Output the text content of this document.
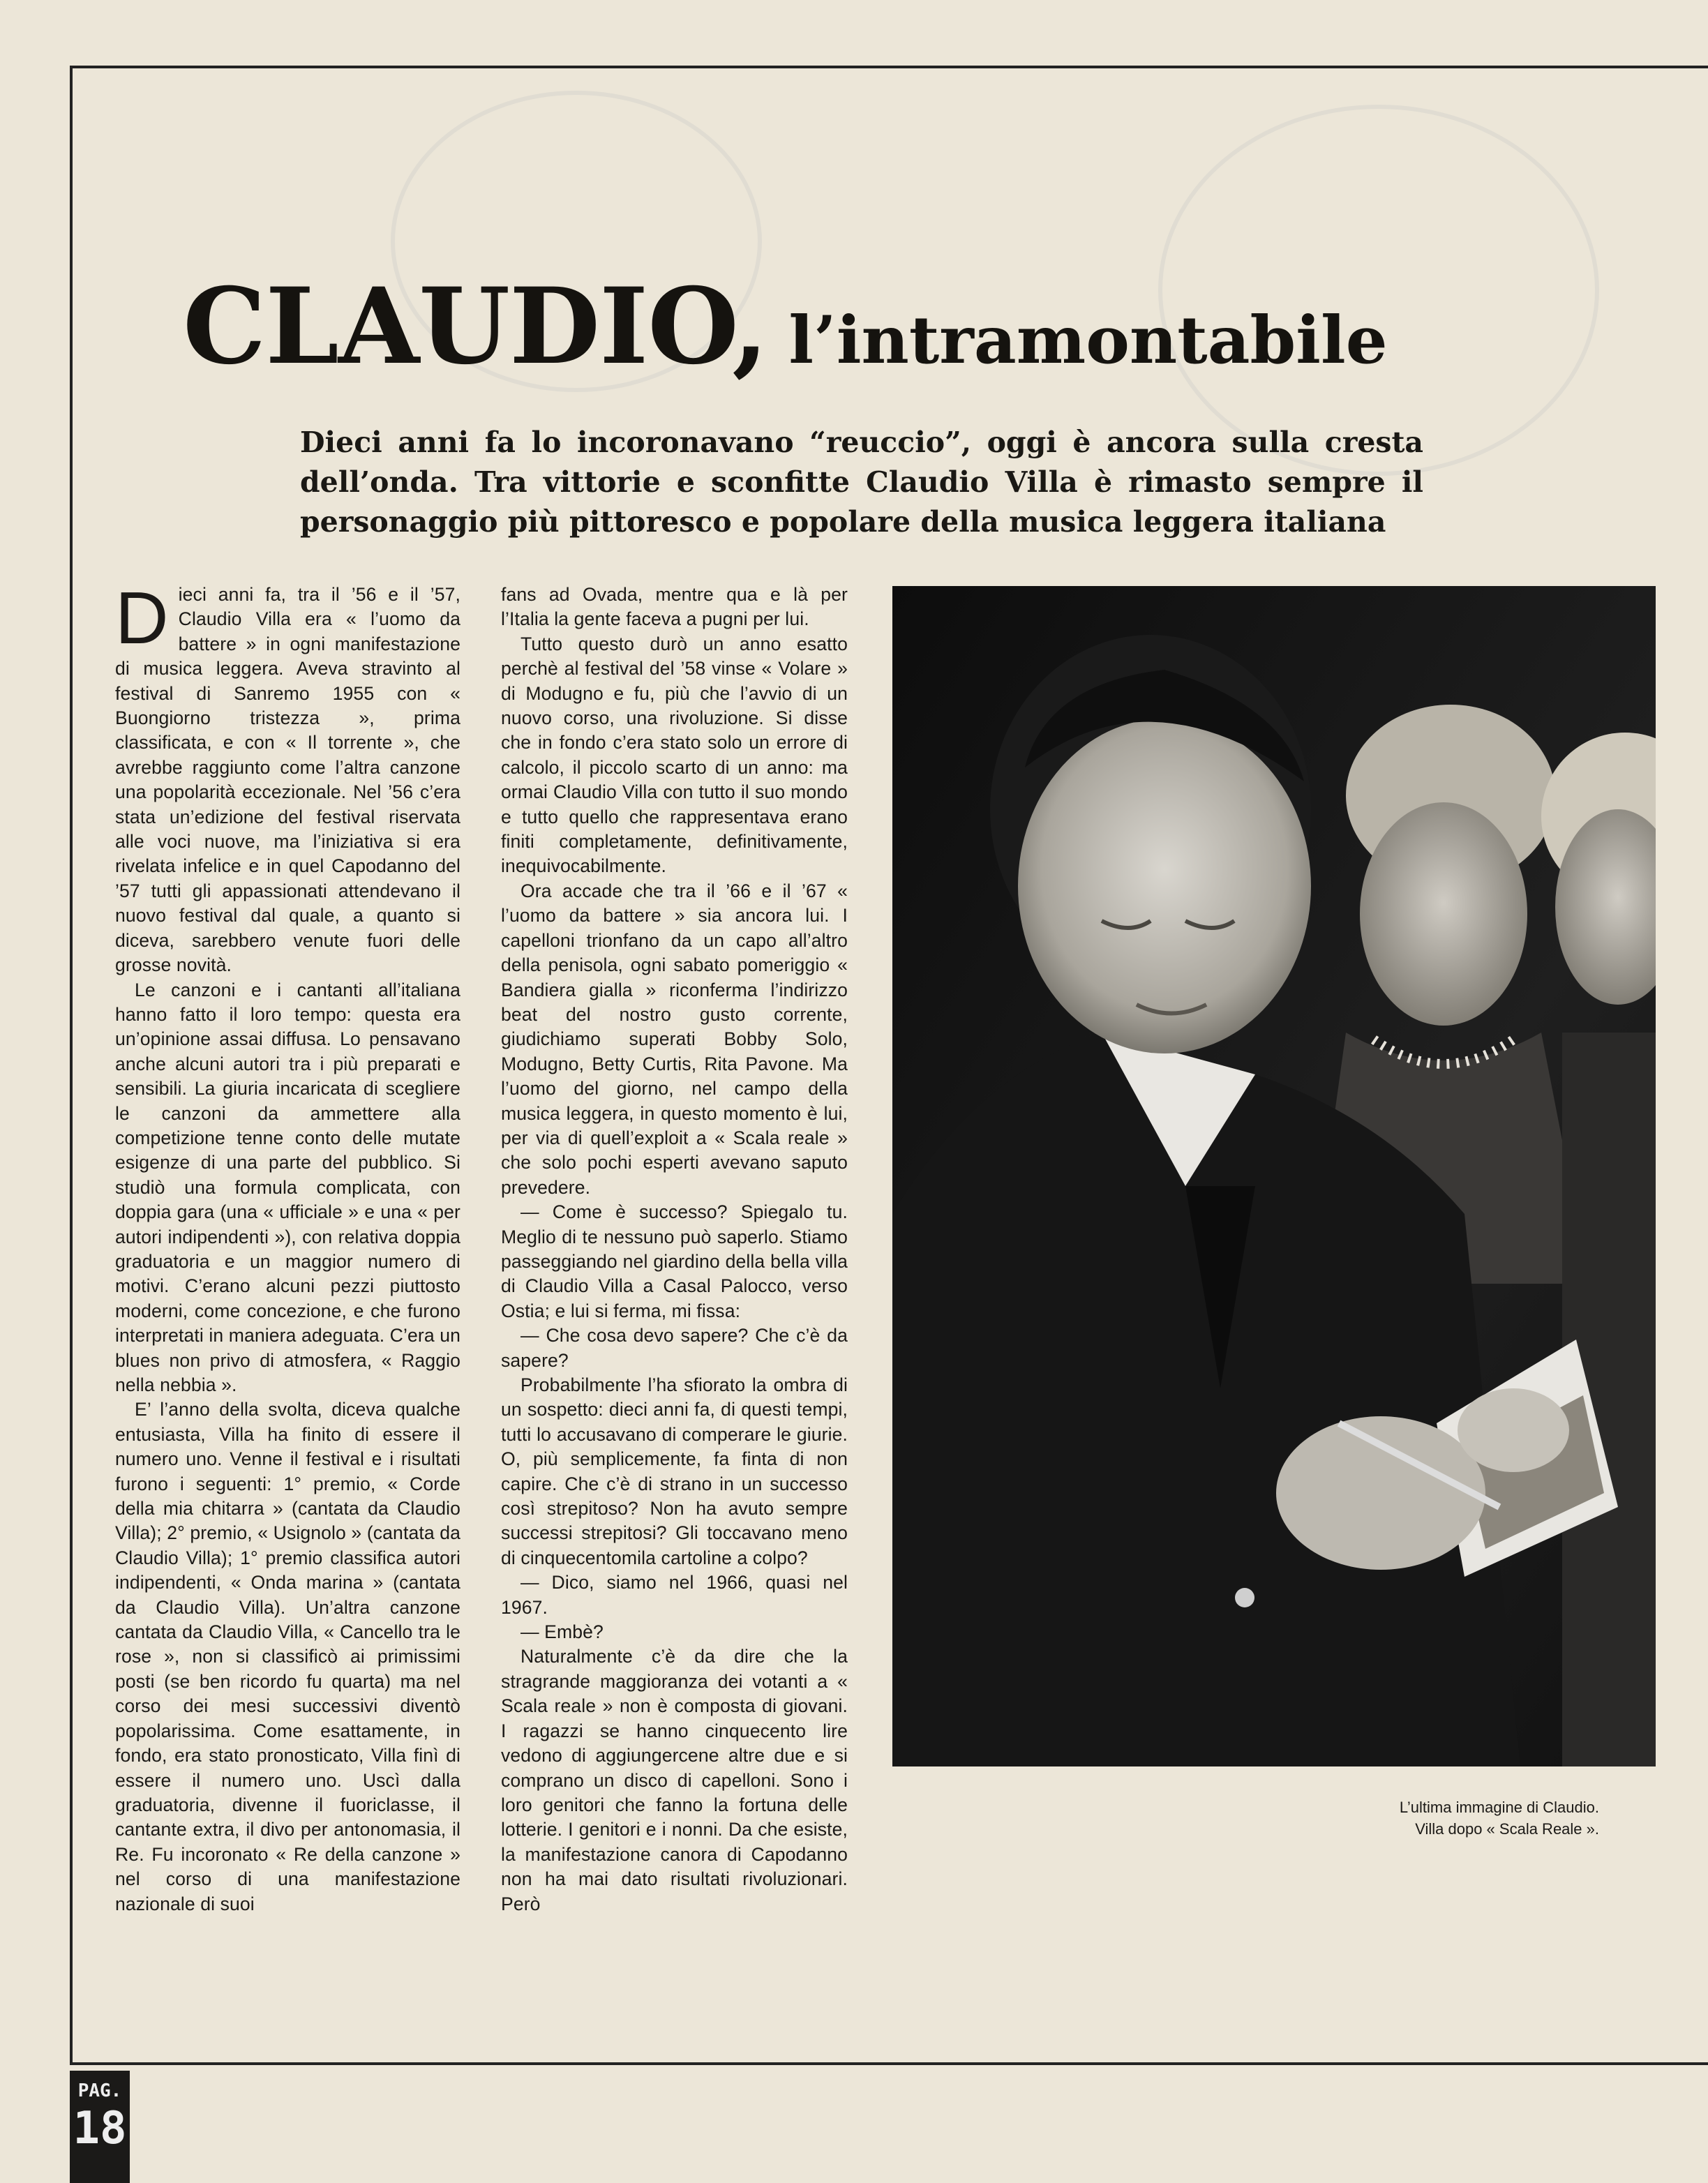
CLAUDIO, l’intramontabile
Dieci anni fa lo incoronavano “reuccio”, oggi è ancora sulla cresta dell’onda. Tra vittorie e sconfitte Claudio Villa è rimasto sempre il personaggio più pittoresco e popolare della musica leggera italiana

Dieci anni fa, tra il ’56 e il ’57, Claudio Villa era « l’uomo da battere » in ogni manifestazione di musica leggera. Aveva stravinto al festival di Sanremo 1955 con « Buongiorno tristezza », prima classificata, e con « Il torrente », che avrebbe raggiunto come l’altra canzone una popolarità eccezionale. Nel ’56 c’era stata un’edizione del festival riservata alle voci nuove, ma l’iniziativa si era rivelata infelice e in quel Capodanno del ’57 tutti gli appassionati attendevano il nuovo festival dal quale, a quanto si diceva, sarebbero venute fuori delle grosse novità.

Le canzoni e i cantanti all’italiana hanno fatto il loro tempo: questa era un’opinione assai diffusa. Lo pensavano anche alcuni autori tra i più preparati e sensibili. La giuria incaricata di scegliere le canzoni da ammettere alla competizione tenne conto delle mutate esigenze di una parte del pubblico. Si studiò una formula complicata, con doppia gara (una « ufficiale » e una « per autori indipendenti »), con relativa doppia graduatoria e un maggior numero di motivi. C’erano alcuni pezzi piuttosto moderni, come concezione, e che furono interpretati in maniera adeguata. C’era un blues non privo di atmosfera, « Raggio nella nebbia ».

E’ l’anno della svolta, diceva qualche entusiasta, Villa ha finito di essere il numero uno. Venne il festival e i risultati furono i seguenti: 1° premio, « Corde della mia chitarra » (cantata da Claudio Villa); 2° premio, « Usignolo » (cantata da Claudio Villa); 1° premio classifica autori indipendenti, « Onda marina » (cantata da Claudio Villa). Un’altra canzone cantata da Claudio Villa, « Cancello tra le rose », non si classificò ai primissimi posti (se ben ricordo fu quarta) ma nel corso dei mesi successivi diventò popolarissima. Come esattamente, in fondo, era stato pronosticato, Villa finì di essere il numero uno. Uscì dalla graduatoria, divenne il fuoriclasse, il cantante extra, il divo per antonomasia, il Re. Fu incoronato « Re della canzone » nel corso di una manifestazione nazionale di suoi

fans ad Ovada, mentre qua e là per l’Italia la gente faceva a pugni per lui.

Tutto questo durò un anno esatto perchè al festival del ’58 vinse « Volare » di Modugno e fu, più che l’avvio di un nuovo corso, una rivoluzione. Si disse che in fondo c’era stato solo un errore di calcolo, il piccolo scarto di un anno: ma ormai Claudio Villa con tutto il suo mondo e tutto quello che rappresentava erano finiti completamente, definitivamente, inequivocabilmente.

Ora accade che tra il ’66 e il ’67 « l’uomo da battere » sia ancora lui. I capelloni trionfano da un capo all’altro della penisola, ogni sabato pomeriggio « Bandiera gialla » riconferma l’indirizzo beat del nostro gusto corrente, giudichiamo superati Bobby Solo, Modugno, Betty Curtis, Rita Pavone. Ma l’uomo del giorno, nel campo della musica leggera, in questo momento è lui, per via di quell’exploit a « Scala reale » che solo pochi esperti avevano saputo prevedere.

— Come è successo? Spiegalo tu. Meglio di te nessuno può saperlo. Stiamo passeggiando nel giardino della bella villa di Claudio Villa a Casal Palocco, verso Ostia; e lui si ferma, mi fissa:

— Che cosa devo sapere? Che c’è da sapere?

Probabilmente l’ha sfiorato la ombra di un sospetto: dieci anni fa, di questi tempi, tutti lo accusavano di comperare le giurie. O, più semplicemente, fa finta di non capire. Che c’è di strano in un successo così strepitoso? Non ha avuto sempre successi strepitosi? Gli toccavano meno di cinquecentomila cartoline a colpo?

— Dico, siamo nel 1966, quasi nel 1967.

— Embè?

Naturalmente c’è da dire che la stragrande maggioranza dei votanti a « Scala reale » non è composta di giovani. I ragazzi se hanno cinquecento lire vedono di aggiungercene altre due e si comprano un disco di capelloni. Sono i loro genitori che fanno la fortuna delle lotterie. I genitori e i nonni. Da che esiste, la manifestazione canora di Capodanno non ha mai dato risultati rivoluzionari. Però

L’ultima immagine di Claudio.
Villa dopo « Scala Reale ».
PAG.
18
